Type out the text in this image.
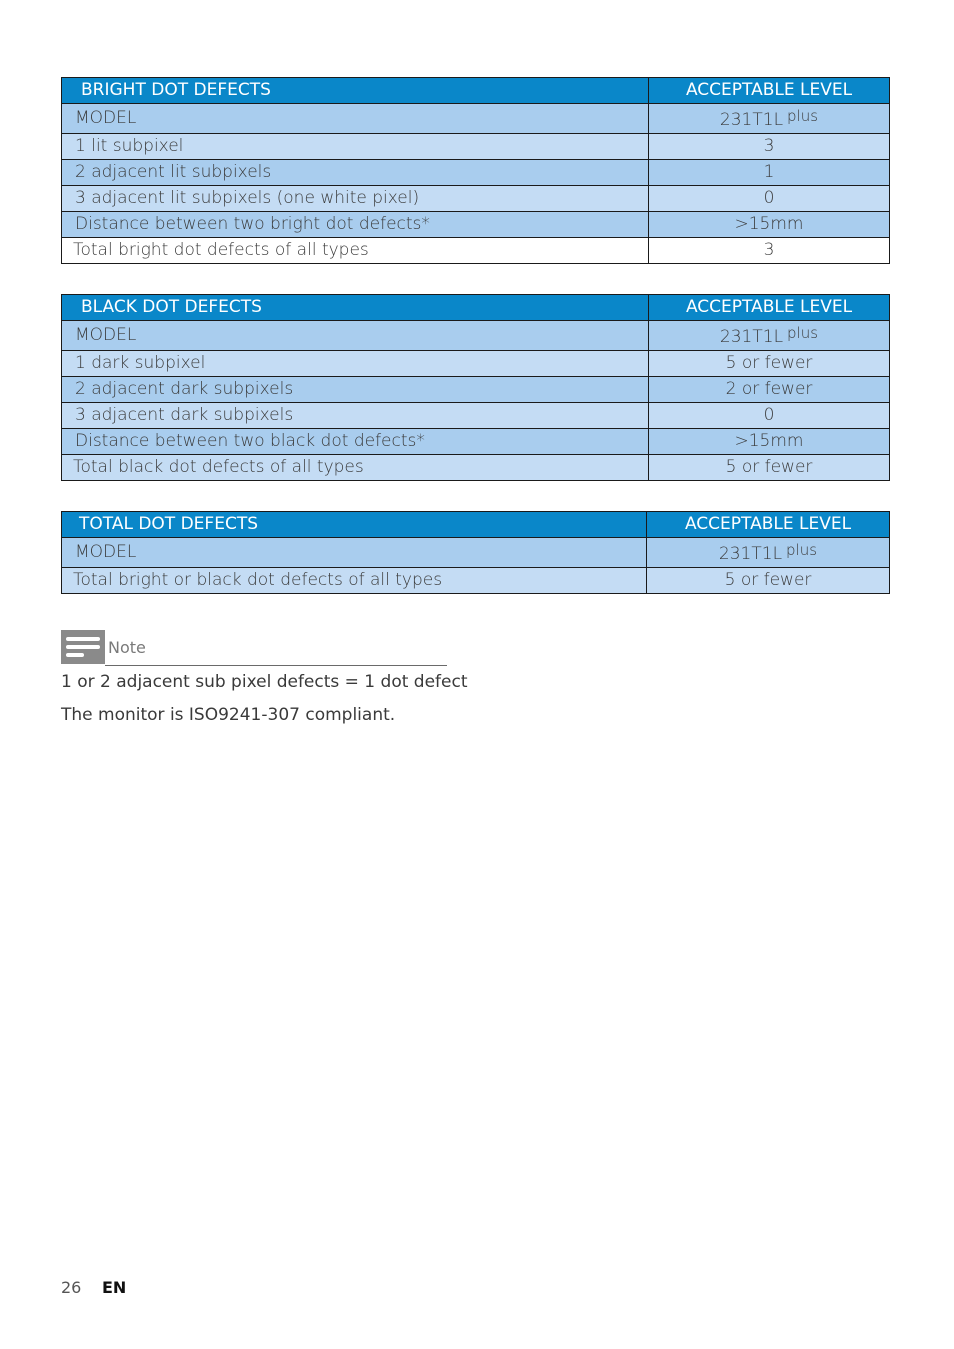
BRIGHT DOT DEFECTS	ACCEPTABLE LEVEL
MODEL	231T1L $^{plus}$
1 lit subpixel	3
2 adjacent lit subpixels	1
3 adjacent lit subpixels (one white pixel)	0
Distance between two bright dot defects*	>15mm
Total bright dot defects of all types	3
BLACK DOT DEFECTS	ACCEPTABLE LEVEL
MODEL	231T1L $^{plus}$
1 dark subpixel	5 or fewer
2 adjacent dark subpixels	2 or fewer
3 adjacent dark subpixels	0
Distance between two black dot defects*	>15mm
Total black dot defects of all types	5 or fewer
TOTAL DOT DEFECTS	ACCEPTABLE LEVEL
MODEL	231T1L $^{plus}$
Total bright or black dot defects of all types	5 or fewer
Note
1 or 2 adjacent sub pixel defects = 1 dot defect
The monitor is ISO9241-307 compliant.
26 EN
